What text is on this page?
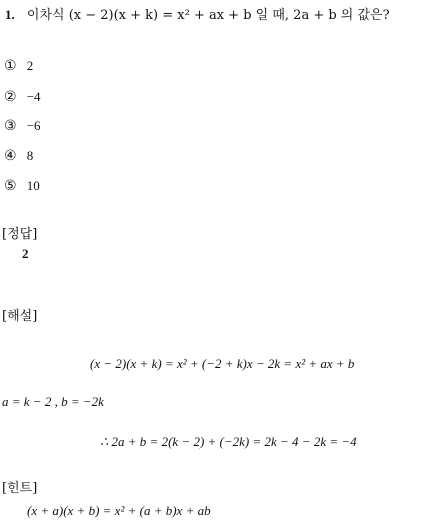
1. 이차식 (x − 2)(x + k) = x² + ax + b 일 때, 2a + b 의 값은?
① 2
② −4
③ −6
④ 8
⑤ 10
[정답]
2
[해설]
(x − 2)(x + k) = x² + (−2 + k)x − 2k = x² + ax + b
a = k − 2 , b = −2k
∴ 2a + b = 2(k − 2) + (−2k) = 2k − 4 − 2k = −4
[힌트]
(x + a)(x + b) = x² + (a + b)x + ab
